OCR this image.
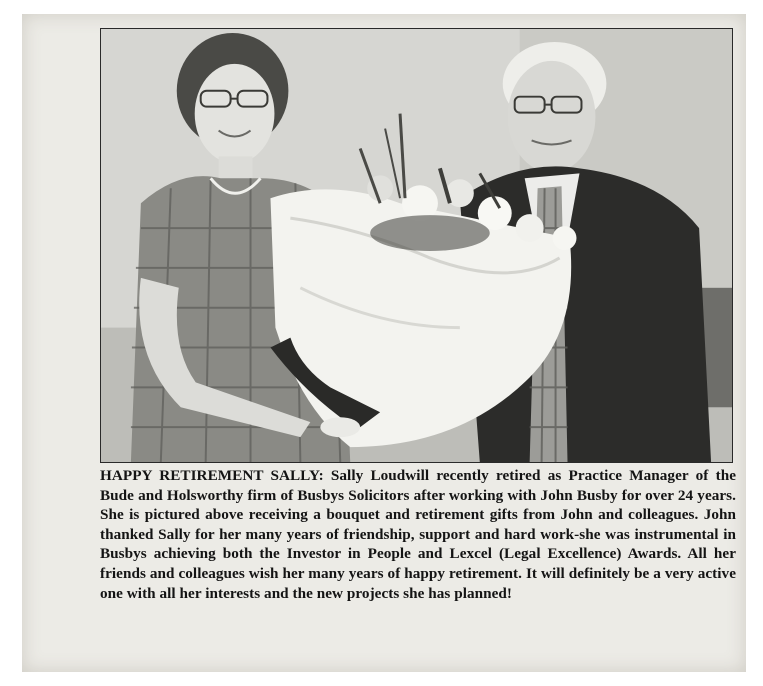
HAPPY RETIREMENT SALLY: Sally Loudwill recently retired as Practice Manager of the Bude and Holsworthy firm of Busbys Solicitors after working with John Busby for over 24 years. She is pictured above receiving a bouquet and retirement gifts from John and colleagues. John thanked Sally for her many years of friendship, support and hard work-she was instrumental in Busbys achieving both the Investor in People and Lexcel (Legal Excellence) Awards. All her friends and colleagues wish her many years of happy retirement. It will definitely be a very active one with all her interests and the new projects she has planned!
